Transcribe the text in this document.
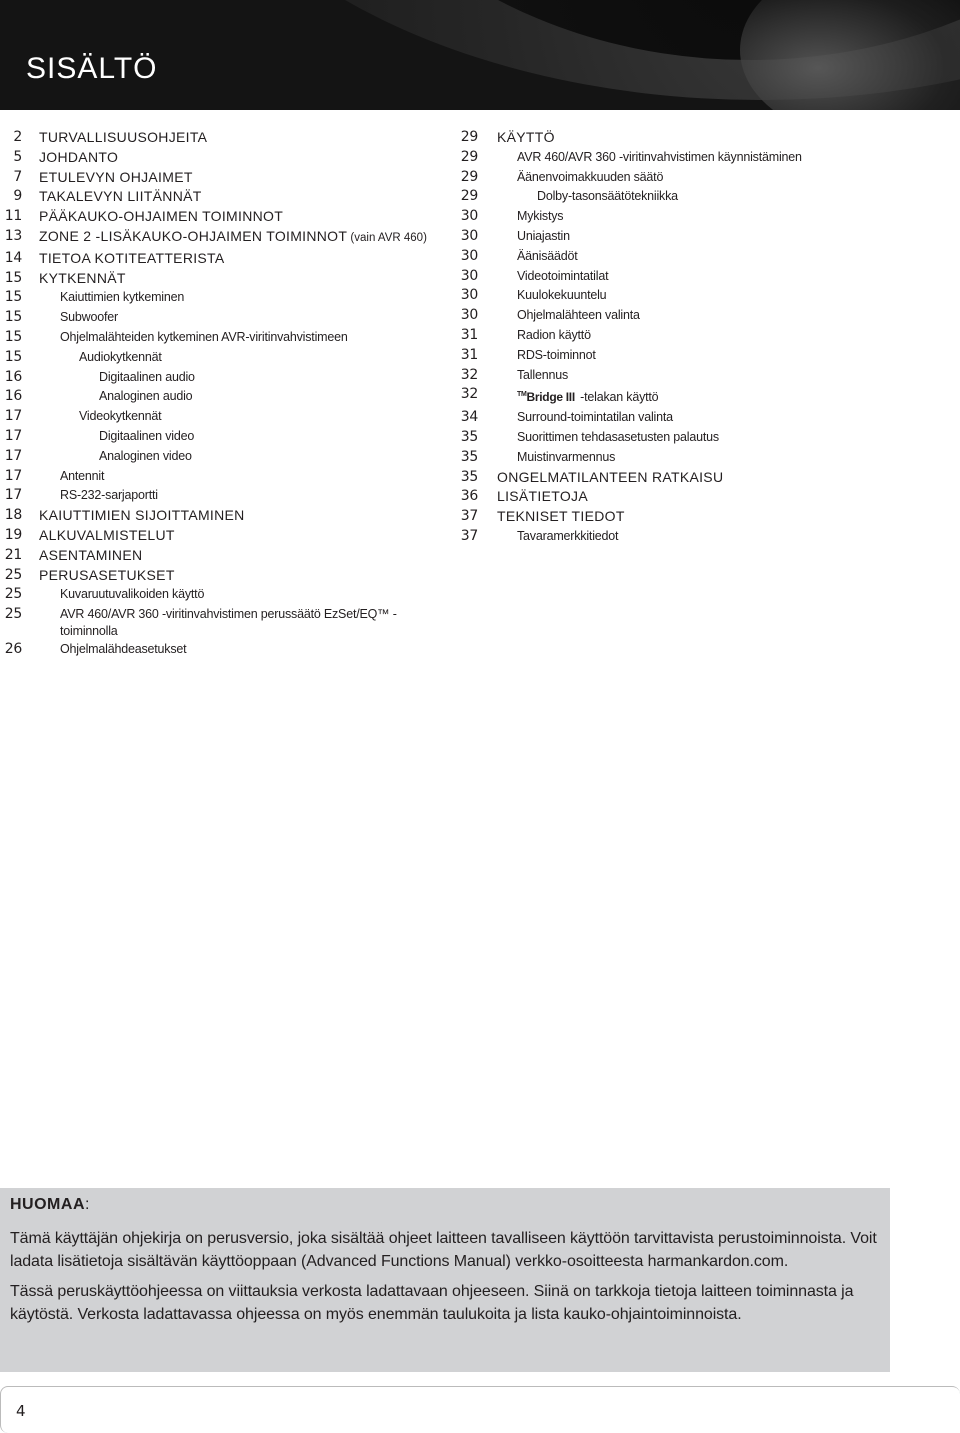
SISÄLTÖ
2 TURVALLISUUSOHJEITA
5 JOHDANTO
7 ETULEVYN OHJAIMET
9 TAKALEVYN LIITÄNNÄT
11 PÄÄKAUKO-OHJAIMEN TOIMINNOT
13 ZONE 2 -LISÄKAUKO-OHJAIMEN TOIMINNOT (vain AVR 460)
14 TIETOA KOTITEATTERISTA
15 KYTKENNÄT
15	Kaiuttimien kytkeminen
15	Subwoofer
15	Ohjelmalähteiden kytkeminen AVR-viritinvahvistimeen
15	Audiokytkennät
16	Digitaalinen audio
16	Analoginen audio
17	Videokytkennät
17	Digitaalinen video
17	Analoginen video
17	Antennit
17	RS-232-sarjaportti
18 KAIUTTIMIEN SIJOITTAMINEN
19 ALKUVALMISTELUT
21 ASENTAMINEN
25 PERUSASETUKSET
25	Kuvaruutuvalikoiden käyttö
25	AVR 460/AVR 360 -viritinvahvistimen perussäätö EzSet/EQ™ -toiminnolla
26	Ohjelmalähdeasetukset
29 KÄYTTÖ
29	AVR 460/AVR 360 -viritinvahvistimen käynnistäminen
29	Äänenvoimakkuuden säätö
29	Dolby-tasonsäätötekniikka
30	Mykistys
30	Uniajastin
30	Äänisäädöt
30	Videotoimintatilat
30	Kuulokekuuntelu
30	Ohjelmalähteen valinta
31	Radion käyttö
31	RDS-toiminnot
32	Tallennus
32	™Bridge III -telakan käyttö
34	Surround-toimintatilan valinta
35	Suorittimen tehdasasetusten palautus
35	Muistinvarmennus
35 ONGELMATILANTEEN RATKAISU
36 LISÄTIETOJA
37 TEKNISET TIEDOT
37	Tavaramerkkitiedot
HUOMAA:

Tämä käyttäjän ohjekirja on perusversio, joka sisältää ohjeet laitteen tavalliseen käyttöön tarvittavista perustoiminnoista. Voit ladata lisätietoja sisältävän käyttöoppaan (Advanced Functions Manual) verkko-osoitteesta harmankardon.com.

Tässä peruskäyttöohjeessa on viittauksia verkosta ladattavaan ohjeeseen. Siinä on tarkkoja tietoja laitteen toiminnasta ja käytöstä. Verkosta ladattavassa ohjeessa on myös enemmän taulukoita ja lista kauko-ohjaintoiminnoista.

4
